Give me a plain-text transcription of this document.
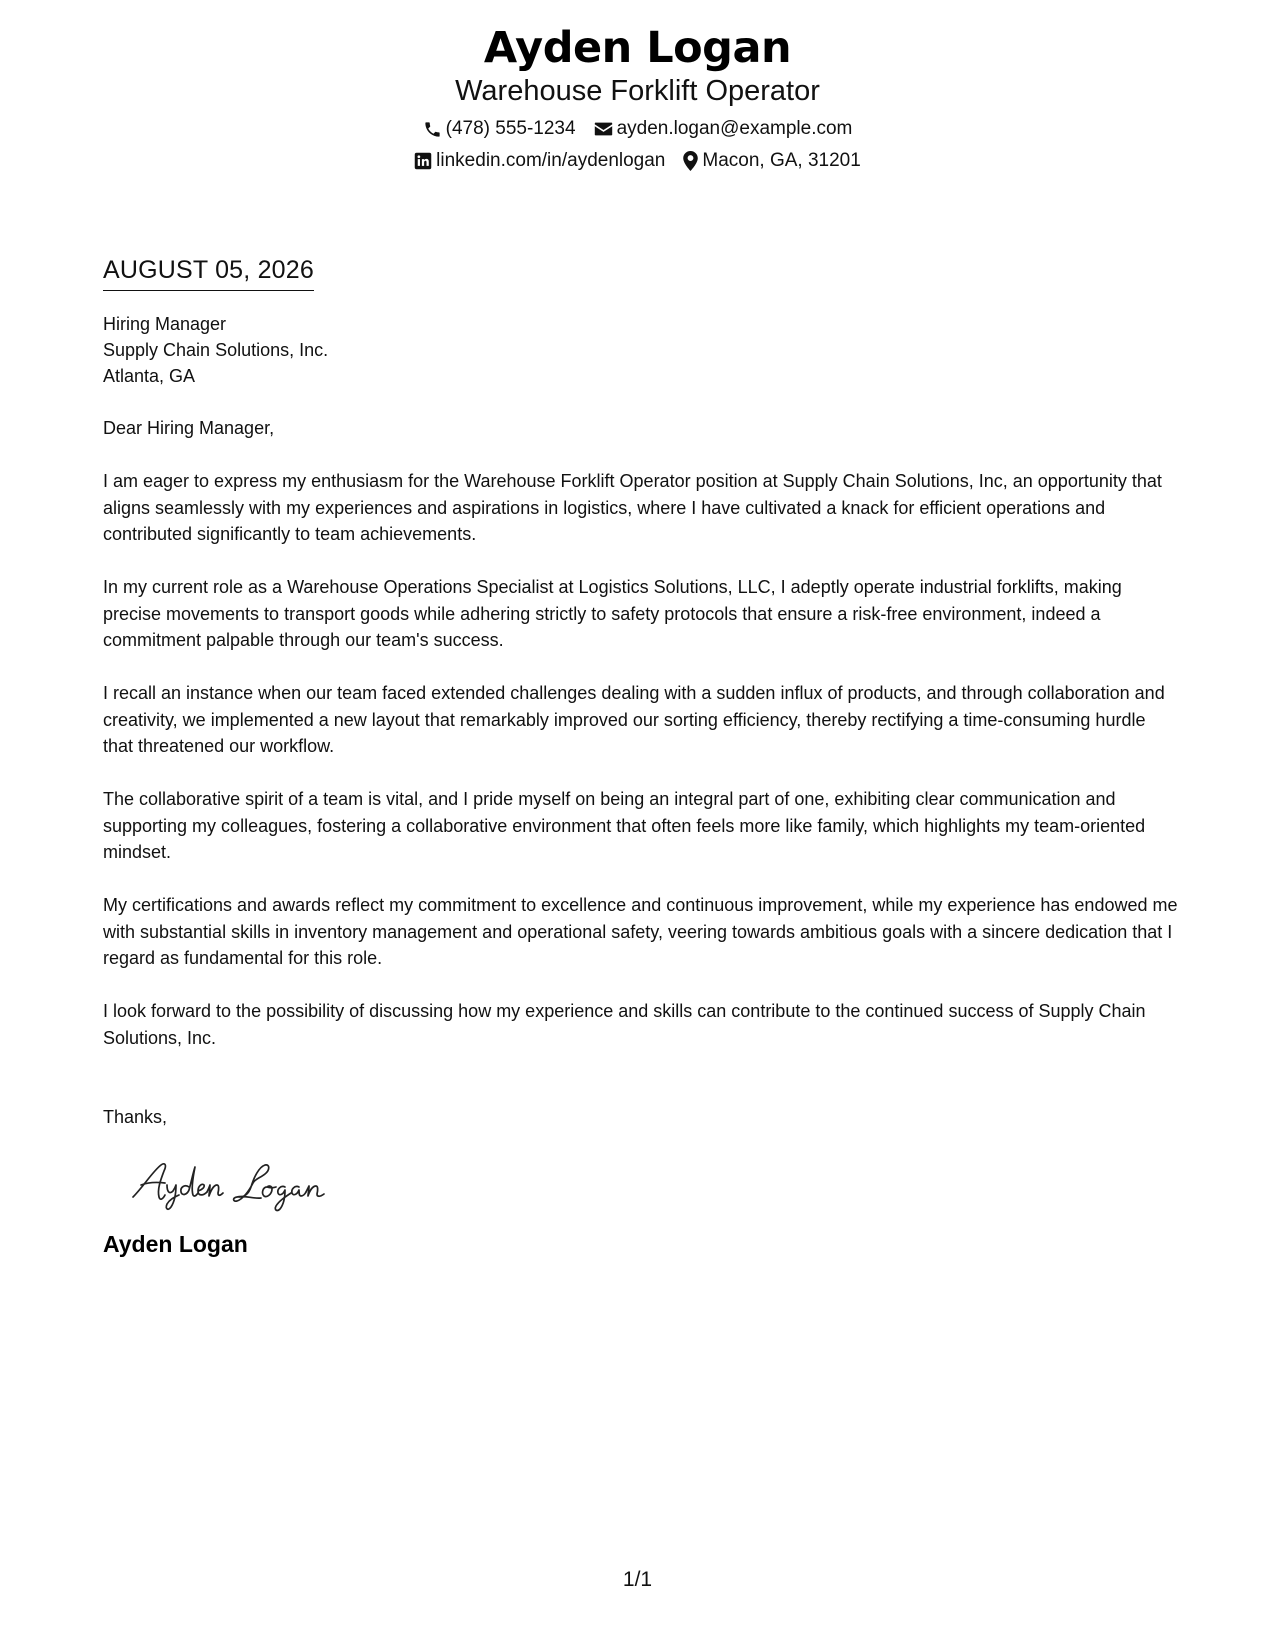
Ayden Logan
Warehouse Forklift Operator
(478) 555-1234 ayden.logan@example.com
linkedin.com/in/aydenlogan Macon, GA, 31201
AUGUST 05, 2026
Hiring Manager
Supply Chain Solutions, Inc.
Atlanta, GA
Dear Hiring Manager,
I am eager to express my enthusiasm for the Warehouse Forklift Operator position at Supply Chain Solutions, Inc, an opportunity that aligns seamlessly with my experiences and aspirations in logistics, where I have cultivated a knack for efficient operations and contributed significantly to team achievements.
In my current role as a Warehouse Operations Specialist at Logistics Solutions, LLC, I adeptly operate industrial forklifts, making precise movements to transport goods while adhering strictly to safety protocols that ensure a risk-free environment, indeed a commitment palpable through our team's success.
I recall an instance when our team faced extended challenges dealing with a sudden influx of products, and through collaboration and creativity, we implemented a new layout that remarkably improved our sorting efficiency, thereby rectifying a time-consuming hurdle that threatened our workflow.
The collaborative spirit of a team is vital, and I pride myself on being an integral part of one, exhibiting clear communication and supporting my colleagues, fostering a collaborative environment that often feels more like family, which highlights my team-oriented mindset.
My certifications and awards reflect my commitment to excellence and continuous improvement, while my experience has endowed me with substantial skills in inventory management and operational safety, veering towards ambitious goals with a sincere dedication that I regard as fundamental for this role.
I look forward to the possibility of discussing how my experience and skills can contribute to the continued success of Supply Chain Solutions, Inc.
Thanks,
Ayden Logan
1/1
